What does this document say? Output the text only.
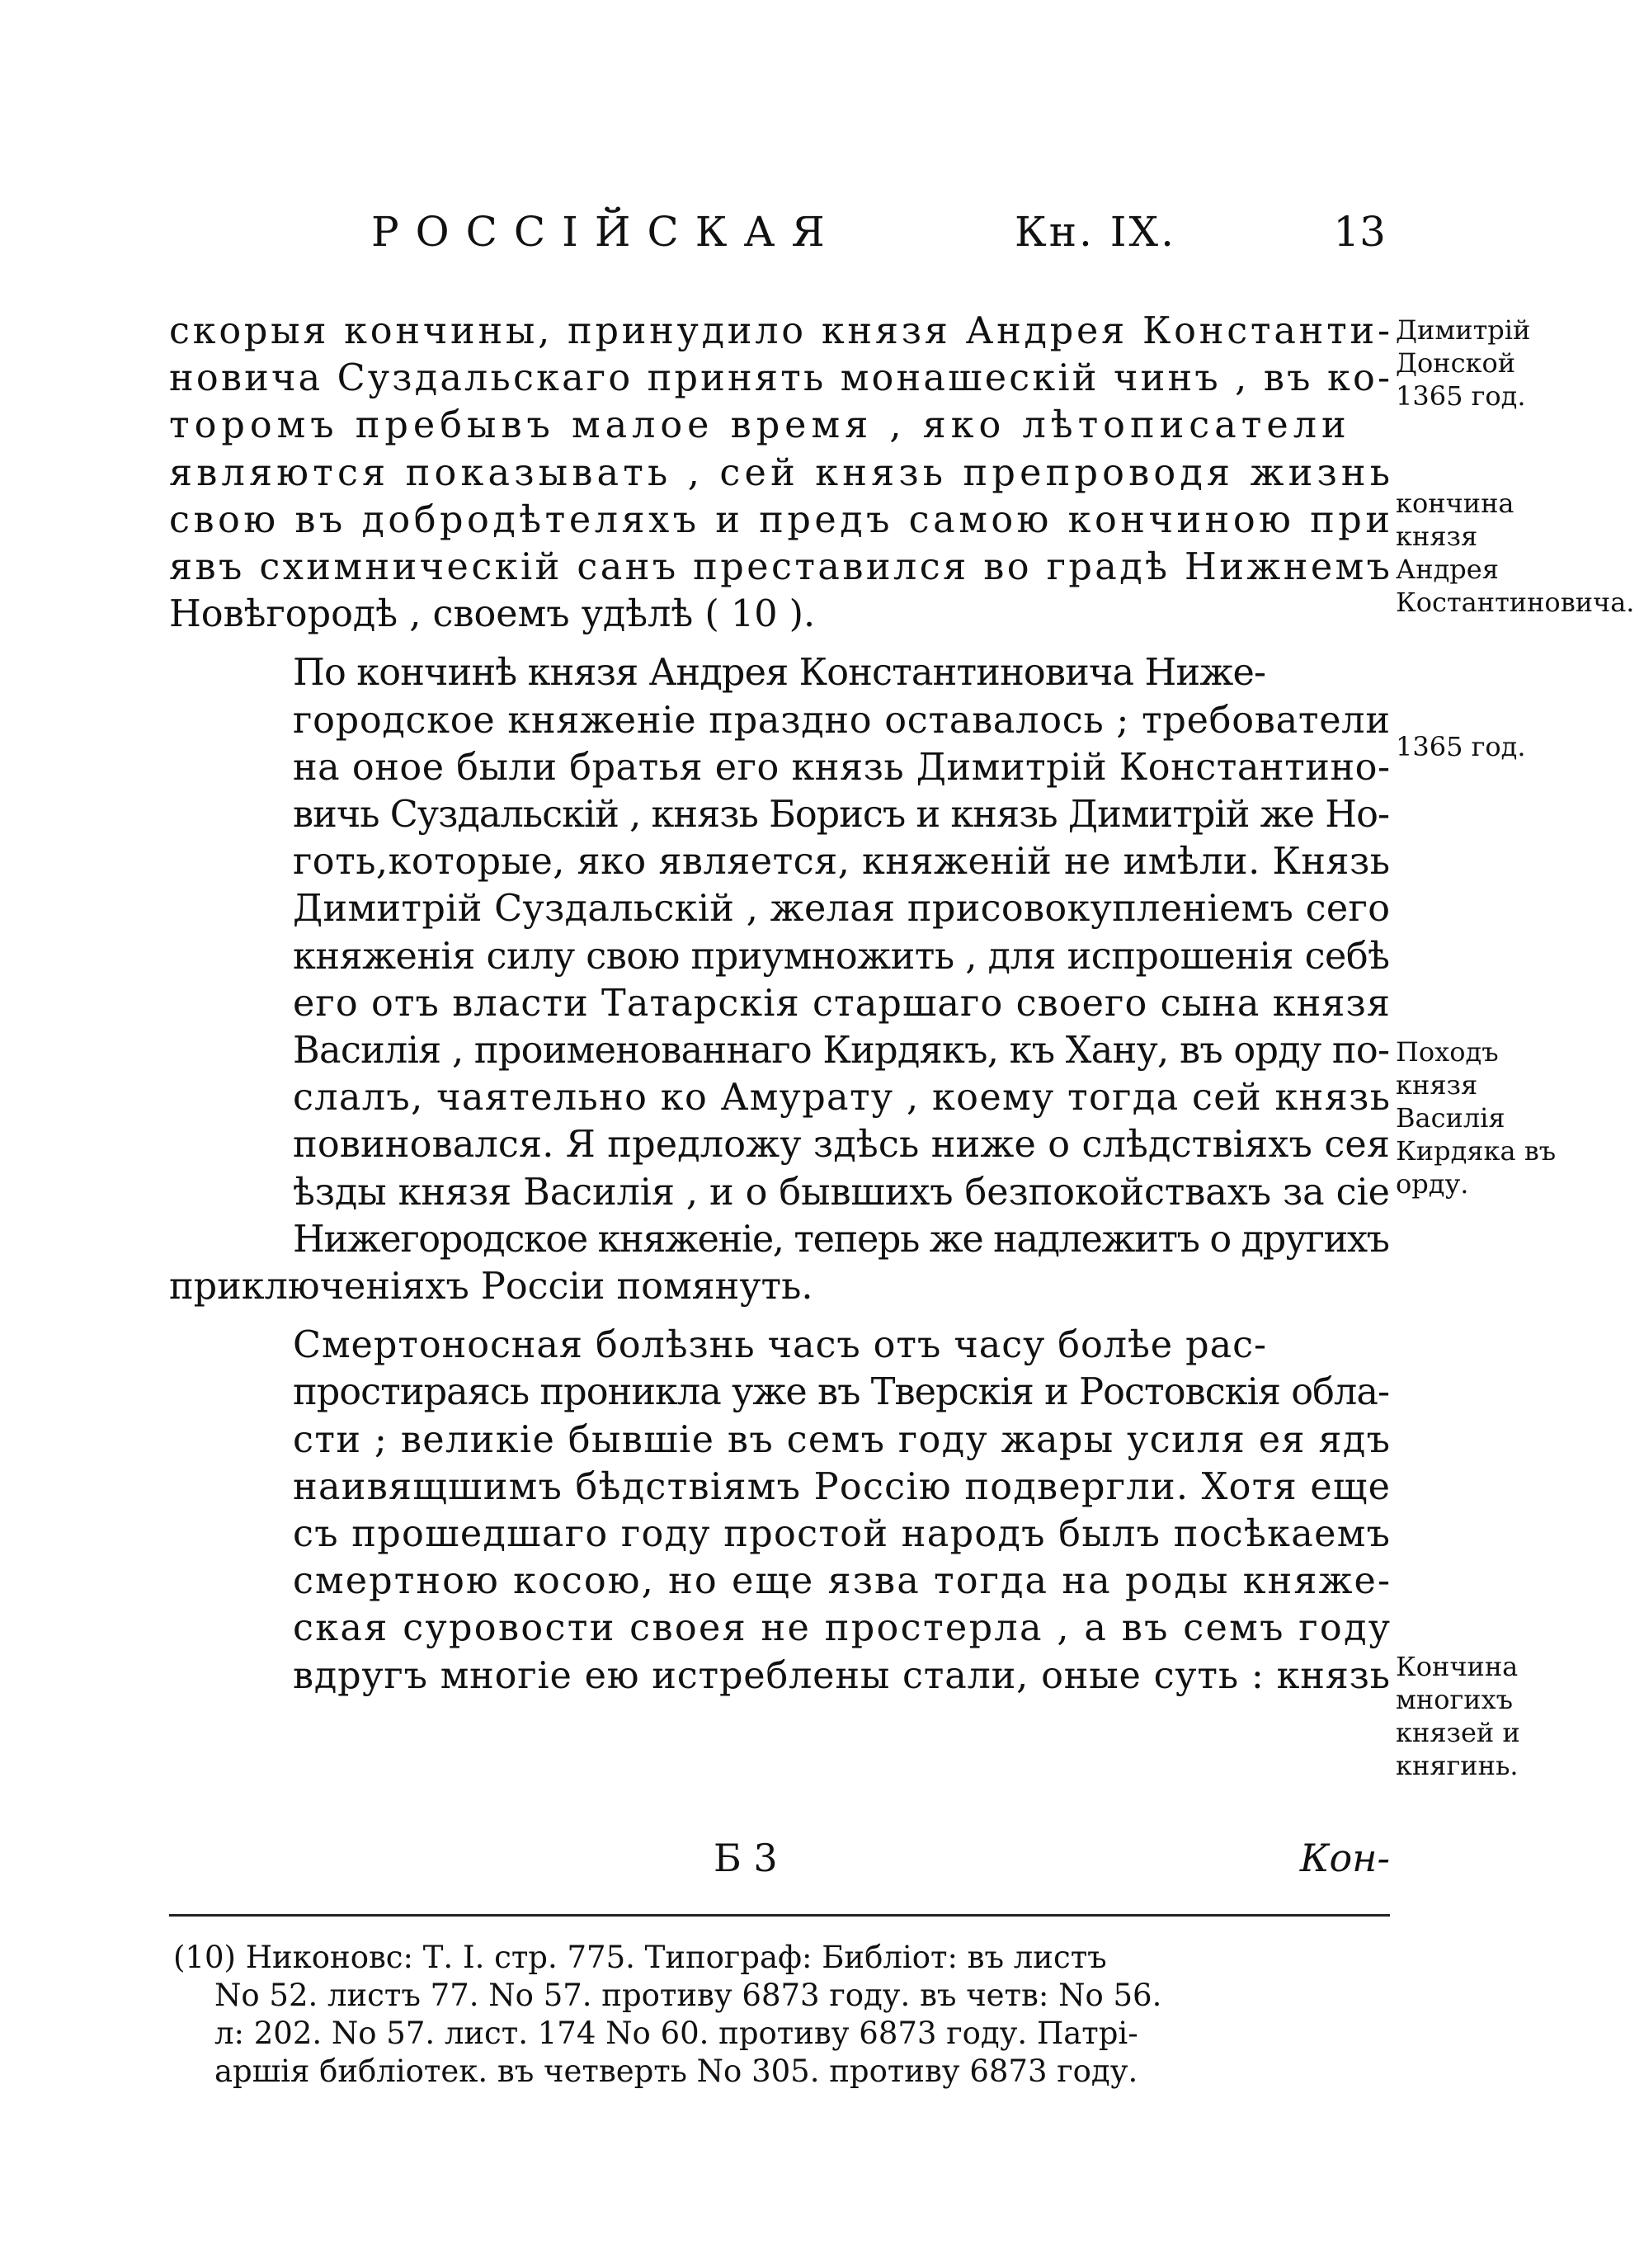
РОССІЙСКАЯ	Кн. IX.	13

скорыя кончины, принудило князя Андрея Константи-
новича Суздальскаго принять монашескій чинъ , въ ко-
торомъ пребывъ малое время , яко лѣтописатели
являются показывать , сей князь препроводя жизнь
свою въ добродѣтеляхъ и предъ самою кончиною при
явъ схимническій санъ преставился во градѣ Нижнемъ
Новѣгородѣ , своемъ удѣлѣ ( 10 ).

По кончинѣ князя Андрея Константиновича Ниже-
городское княженіе праздно оставалось ; требователи
на оное были братья его князь Димитрій Константино-
вичь Суздальскій , князь Борисъ и князь Димитрій же Но-
готь,которые, яко является, княженій не имѣли. Князь
Димитрій Суздальскій , желая присовокупленіемъ сего
княженія силу свою приумножить , для испрошенія себѣ
его отъ власти Татарскія старшаго своего сына князя
Василія , проименованнаго Кирдякъ, къ Хану, въ орду по-
слалъ, чаятельно ко Амурату , коему тогда сей князь
повиновался. Я предложу здѣсь ниже о слѣдствіяхъ сея
ѣзды князя Василія , и о бывшихъ безпокойствахъ за сіе
Нижегородское княженіе, теперь же надлежитъ о другихъ
приключеніяхъ Россіи помянуть.

Смертоносная болѣзнь часъ отъ часу болѣе рас-
простираясь проникла уже въ Тверскія и Ростовскія обла-
сти ; великіе бывшіе въ семъ году жары усиля ея ядъ
наивящшимъ бѣдствіямъ Россію подвергли. Хотя еще
съ прошедшаго году простой народъ былъ посѣкаемъ
смертною косою, но еще язва тогда на роды княже-
ская суровости своея не простерла , а въ семъ году
вдругъ многіе ею истреблены стали, оные суть : князь

Димитрій Донской 1365 год.
кончина князя Андрея Костантиновича.
1365 год.
Походъ князя Василія Кирдяка въ орду.
Кончина многихъ князей и княгинь.
Б 3	Кон-
(10) Никоновс: Т. I. стр. 775. Типограф: Библіот: въ листъ
No 52. листъ 77. No 57. противу 6873 году. въ четв: No 56.
л: 202. No 57. лист. 174 No 60. противу 6873 году. Патрі-
аршія библіотек. въ четверть No 305. противу 6873 году.
